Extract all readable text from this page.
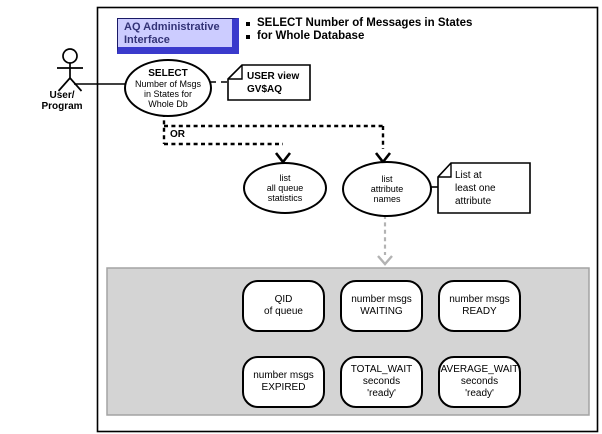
AQ Administrative
Interface
SELECT Number of Messages in States
for Whole Database
User/
Program
SELECT
Number of Msgs
in States for
Whole Db
USER view
GV$AQ
OR
list
all queue
statistics
list
attribute
names
List at
least one
attribute
QID
of queue
number msgs
WAITING
number msgs
READY
number msgs
EXPIRED
TOTAL_WAIT
seconds
'ready'
AVERAGE_WAIT
seconds
'ready'
